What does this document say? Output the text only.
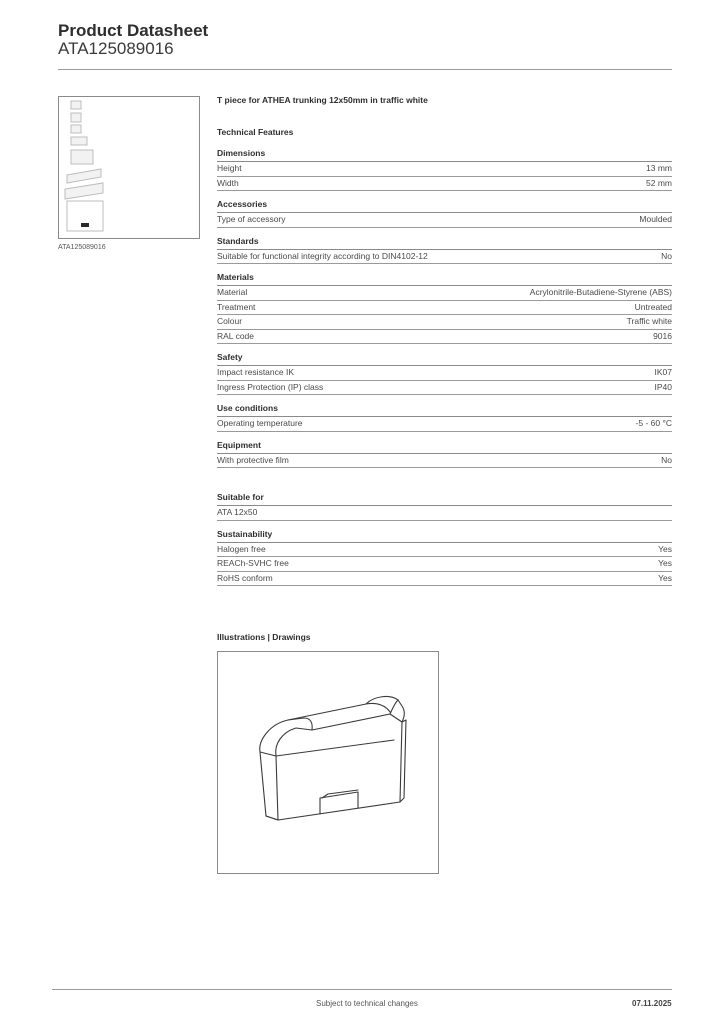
Product Datasheet
ATA125089016
ATA125089016
T piece for ATHEA trunking 12x50mm in traffic white
Technical Features
Dimensions
Height	13 mm
Width	52 mm
Accessories
Type of accessory	Moulded
Standards
Suitable for functional integrity according to DIN4102-12	No
Materials
Material	Acrylonitrile-Butadiene-Styrene (ABS)
Treatment	Untreated
Colour	Traffic white
RAL code	9016
Safety
Impact resistance IK	IK07
Ingress Protection (IP) class	IP40
Use conditions
Operating temperature	-5 - 60 °C
Equipment
With protective film	No
Suitable for
ATA 12x50
Sustainability
Halogen free	Yes
REACh-SVHC free	Yes
RoHS conform	Yes
Illustrations | Drawings
Subject to technical changes	07.11.2025
